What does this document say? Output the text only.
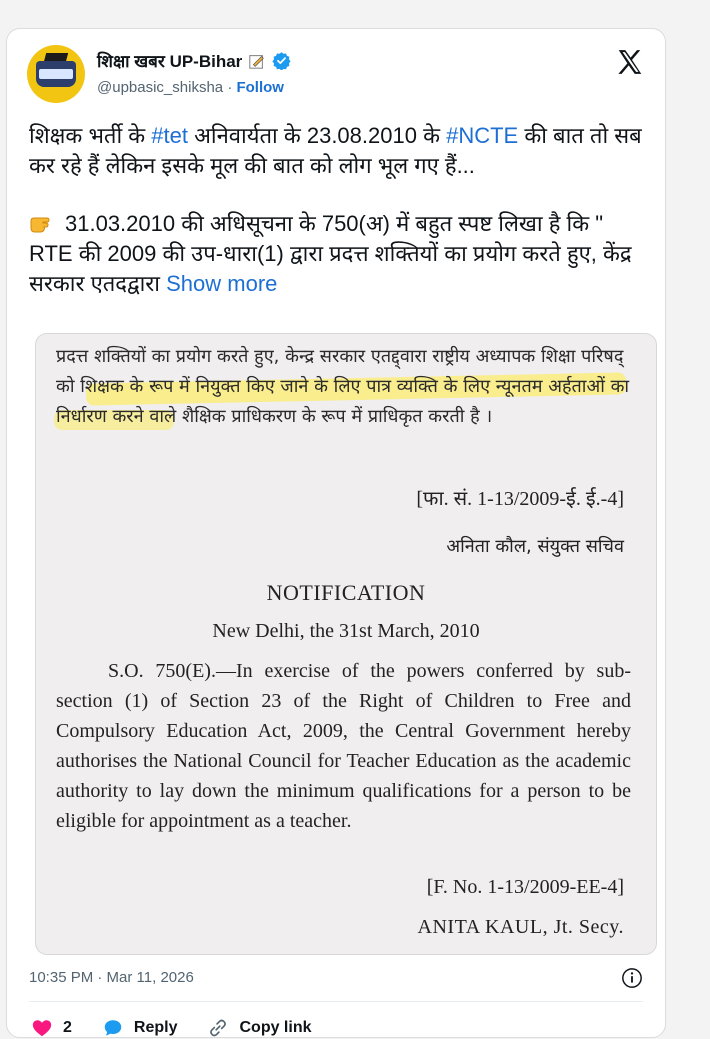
शिक्षा खबर UP-Bihar
@upbasic_shiksha · Follow

शिक्षक भर्ती के #tet अनिवार्यता के 23.08.2010 के #NCTE की बात तो सब कर रहे हैं लेकिन इसके मूल की बात को लोग भूल गए हैं...

31.03.2010 की अधिसूचना के 750(अ) में बहुत स्पष्ट लिखा है कि " RTE की 2009 की उप-धारा(1) द्वारा प्रदत्त शक्तियों का प्रयोग करते हुए, केंद्र सरकार एतदद्वारा Show more

प्रदत्त शक्तियों का प्रयोग करते हुए, केन्द्र सरकार एतद्द्वारा राष्ट्रीय अध्यापक शिक्षा परिषद् को शिक्षक के रूप में नियुक्त किए जाने के लिए पात्र व्यक्ति के लिए न्यूनतम अर्हताओं का निर्धारण करने वाले शैक्षिक प्राधिकरण के रूप में प्राधिकृत करती है ।
[फा. सं. 1-13/2009-ई. ई.-4]
अनिता कौल, संयुक्त सचिव
NOTIFICATION
New Delhi, the 31st March, 2010
S.O. 750(E).—In exercise of the powers conferred by sub-section (1) of Section 23 of the Right of Children to Free and Compulsory Education Act, 2009, the Central Government hereby authorises the National Council for Teacher Education as the academic authority to lay down the minimum qualifications for a person to be eligible for appointment as a teacher.
[F. No. 1-13/2009-EE-4]
ANITA KAUL, Jt. Secy.
10:35 PM · Mar 11, 2026
2	Reply	Copy link
